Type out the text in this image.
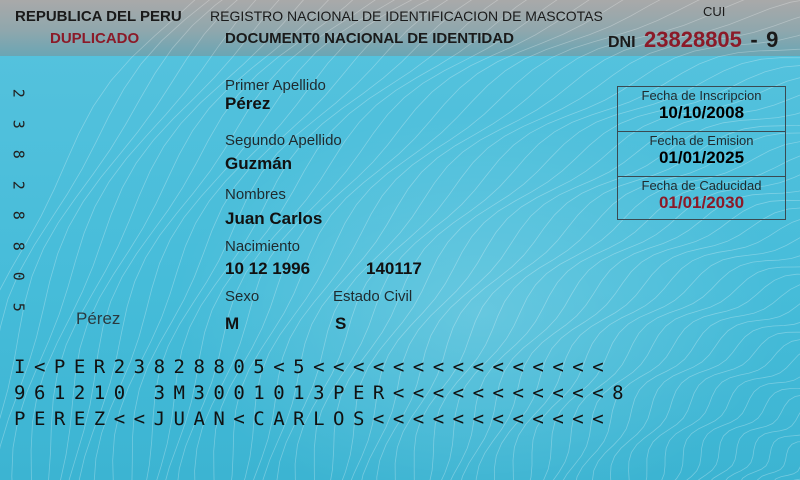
REPUBLICA DEL PERU
DUPLICADO
REGISTRO NACIONAL DE IDENTIFICACION DE MASCOTAS
DOCUMENT0 NACIONAL DE IDENTIDAD
CUI
DNI 23828805 - 9
2
3
8
2
8
8
0
5
Primer Apellido
Pérez
Segundo Apellido
Guzmán
Nombres
Juan Carlos
Nacimiento
10 12 1996	140117
Sexo
M
Estado Civil
S
Pérez
Fecha de Inscripcion
10/10/2008
Fecha de Emision
01/01/2025
Fecha de Caducidad
01/01/2030
I<PER23828805<5<<<<<<<<<<<<<<<
961210 3M3001013PER<<<<<<<<<<<8
PEREZ<<JUAN<CARLOS<<<<<<<<<<<<
